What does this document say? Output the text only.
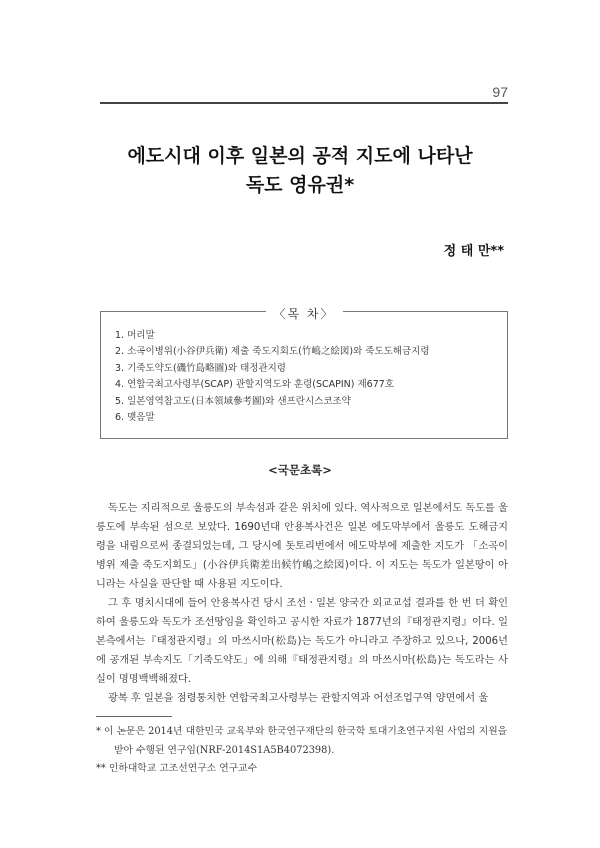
97
에도시대 이후 일본의 공적 지도에 나타난
독도 영유권*
정 태 만**
〈목 차〉
1. 머리말
2. 소곡이병위(小谷伊兵衛) 제출 죽도지회도(竹嶋之絵図)와 죽도도해금지령
3. 기죽도약도(磯竹島略圖)와 태정관지령
4. 연합국최고사령부(SCAP) 관할지역도와 훈령(SCAPIN) 제677호
5. 일본영역참고도(日本領域參考圖)와 샌프란시스코조약
6. 맺음말
<국문초록>

독도는 지리적으로 울릉도의 부속섬과 같은 위치에 있다. 역사적으로 일본에서도 독도를 울릉도에 부속된 섬으로 보았다. 1690년대 안용복사건은 일본 에도막부에서 울릉도 도해금지령을 내림으로써 종결되었는데, 그 당시에 돗토리번에서 에도막부에 제출한 지도가 「소곡이병위 제출 죽도지회도」(小谷伊兵衛差出候竹嶋之絵図)이다. 이 지도는 독도가 일본땅이 아니라는 사실을 판단할 때 사용된 지도이다.

그 후 명치시대에 들어 안용복사건 당시 조선ㆍ일본 양국간 외교교섭 결과를 한 번 더 확인하여 울릉도와 독도가 조선땅임을 확인하고 공시한 자료가 1877년의『태정관지령』이다. 일본측에서는『태정관지령』의 마쓰시마(松島)는 독도가 아니라고 주장하고 있으나, 2006년에 공개된 부속지도「기죽도약도」에 의해『태정관지령』의 마쓰시마(松島)는 독도라는 사실이 명명백백해졌다.

광복 후 일본을 점령통치한 연합국최고사령부는 관할지역과 어선조업구역 양면에서 울

* 이 논문은 2014년 대한민국 교육부와 한국연구재단의 한국학 토대기초연구지원 사업의 지원을 받아 수행된 연구임(NRF-2014S1A5B4072398).
** 인하대학교 고조선연구소 연구교수
